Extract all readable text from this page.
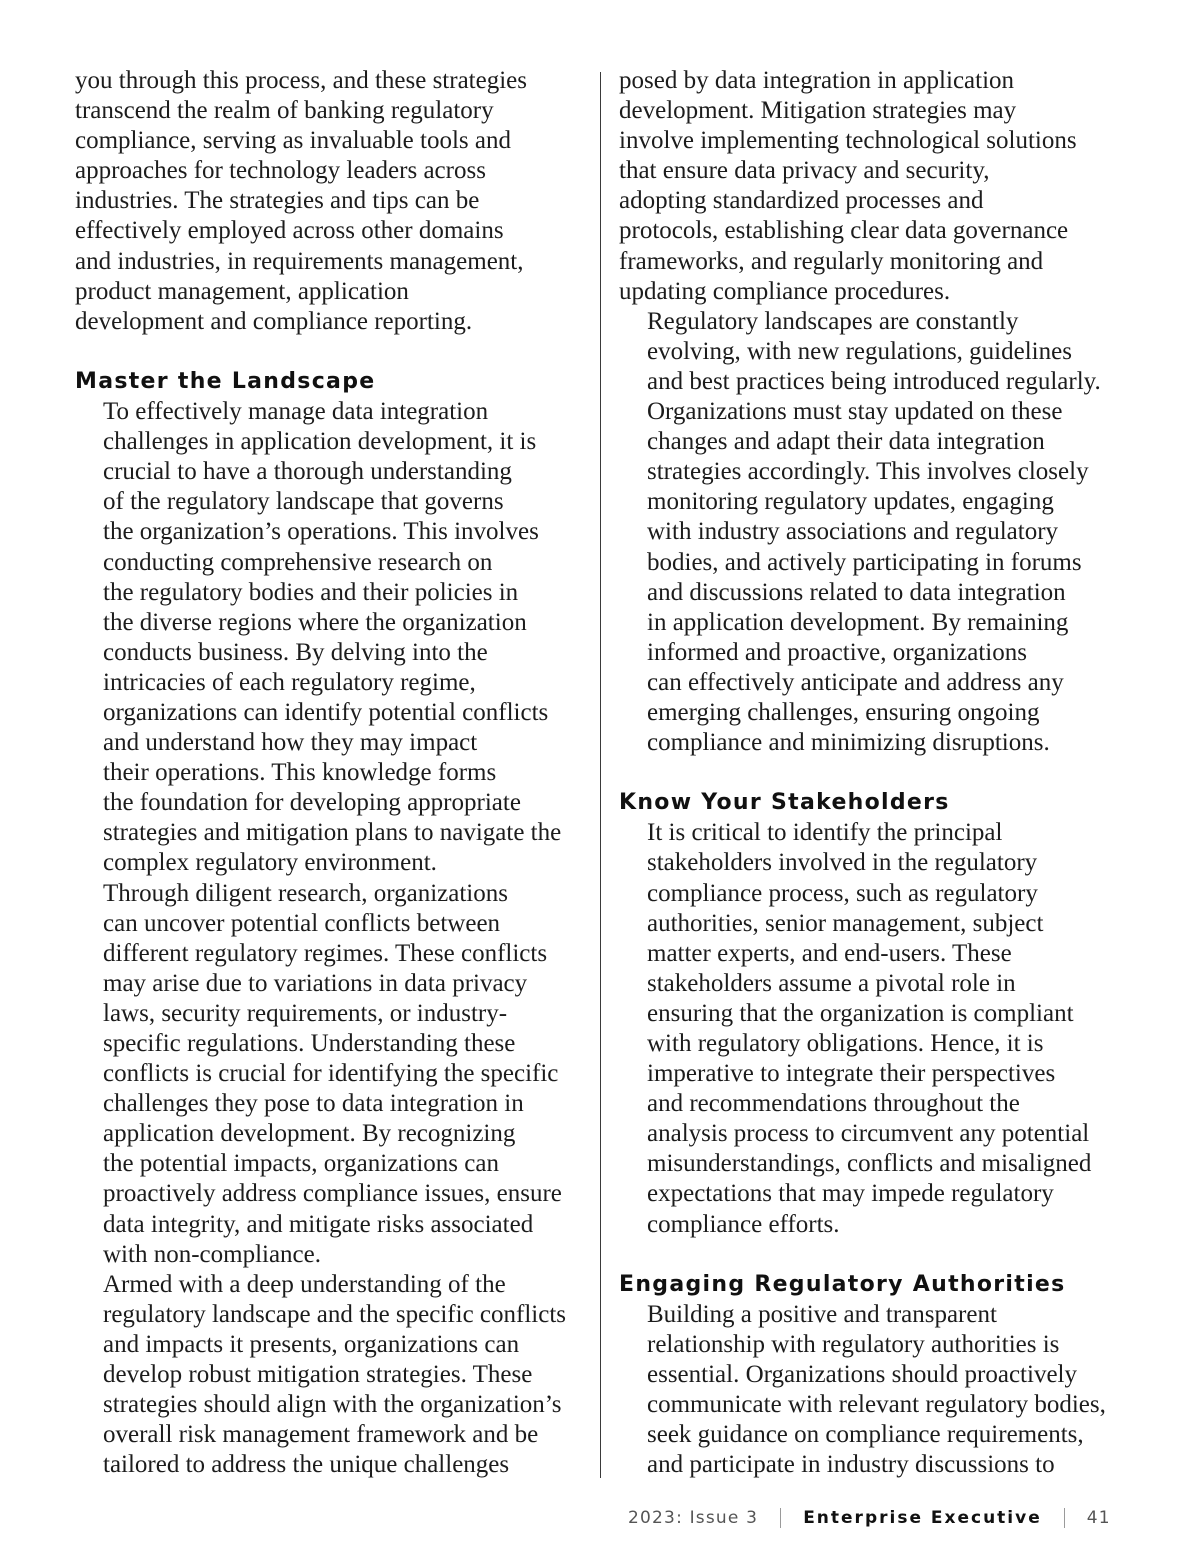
you through this process, and these strategies
transcend the realm of banking regulatory
compliance, serving as invaluable tools and
approaches for technology leaders across
industries. The strategies and tips can be
effectively employed across other domains
and industries, in requirements management,
product management, application
development and compliance reporting.

Master the Landscape

To effectively manage data integration
challenges in application development, it is
crucial to have a thorough understanding
of the regulatory landscape that governs
the organization’s operations. This involves
conducting comprehensive research on
the regulatory bodies and their policies in
the diverse regions where the organization
conducts business. By delving into the
intricacies of each regulatory regime,
organizations can identify potential conflicts
and understand how they may impact
their operations. This knowledge forms
the foundation for developing appropriate
strategies and mitigation plans to navigate the
complex regulatory environment.

Through diligent research, organizations
can uncover potential conflicts between
different regulatory regimes. These conflicts
may arise due to variations in data privacy
laws, security requirements, or industry-
specific regulations. Understanding these
conflicts is crucial for identifying the specific
challenges they pose to data integration in
application development. By recognizing
the potential impacts, organizations can
proactively address compliance issues, ensure
data integrity, and mitigate risks associated
with non-compliance.

Armed with a deep understanding of the
regulatory landscape and the specific conflicts
and impacts it presents, organizations can
develop robust mitigation strategies. These
strategies should align with the organization’s
overall risk management framework and be
tailored to address the unique challenges

posed by data integration in application
development. Mitigation strategies may
involve implementing technological solutions
that ensure data privacy and security,
adopting standardized processes and
protocols, establishing clear data governance
frameworks, and regularly monitoring and
updating compliance procedures.

Regulatory landscapes are constantly
evolving, with new regulations, guidelines
and best practices being introduced regularly.
Organizations must stay updated on these
changes and adapt their data integration
strategies accordingly. This involves closely
monitoring regulatory updates, engaging
with industry associations and regulatory
bodies, and actively participating in forums
and discussions related to data integration
in application development. By remaining
informed and proactive, organizations
can effectively anticipate and address any
emerging challenges, ensuring ongoing
compliance and minimizing disruptions.

Know Your Stakeholders

It is critical to identify the principal
stakeholders involved in the regulatory
compliance process, such as regulatory
authorities, senior management, subject
matter experts, and end-users. These
stakeholders assume a pivotal role in
ensuring that the organization is compliant
with regulatory obligations. Hence, it is
imperative to integrate their perspectives
and recommendations throughout the
analysis process to circumvent any potential
misunderstandings, conflicts and misaligned
expectations that may impede regulatory
compliance efforts.

Engaging Regulatory Authorities

Building a positive and transparent
relationship with regulatory authorities is
essential. Organizations should proactively
communicate with relevant regulatory bodies,
seek guidance on compliance requirements,
and participate in industry discussions to

2023: Issue 3	Enterprise Executive	41
